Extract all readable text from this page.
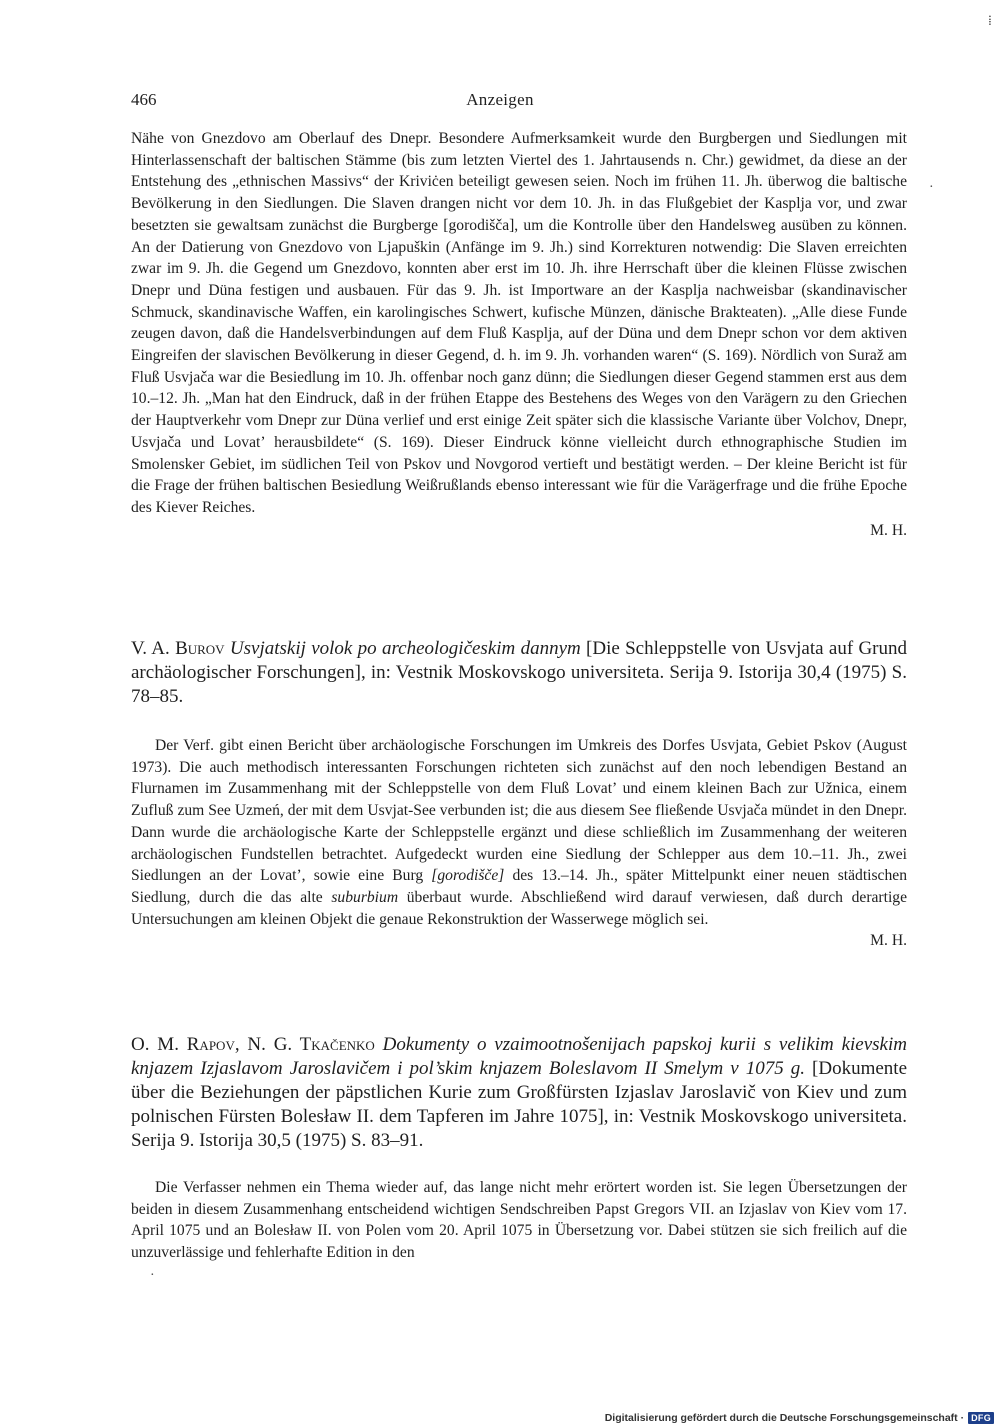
466	Anzeigen
⁞
·
·

Nähe von Gnezdovo am Oberlauf des Dnepr. Besondere Aufmerksamkeit wurde den Burgbergen und Siedlungen mit Hinterlassenschaft der baltischen Stämme (bis zum letzten Viertel des 1. Jahrtausends n. Chr.) gewidmet, da diese an der Entstehung des „ethnischen Massivs“ der Kriviċen beteiligt gewesen seien. Noch im frühen 11. Jh. überwog die baltische Bevölkerung in den Siedlungen. Die Slaven drangen nicht vor dem 10. Jh. in das Flußgebiet der Kasplja vor, und zwar besetzten sie gewaltsam zunächst die Burgberge [gorodišča], um die Kontrolle über den Handelsweg ausüben zu können. An der Datierung von Gnezdovo von Ljapuškin (Anfänge im 9. Jh.) sind Korrekturen notwendig: Die Slaven erreichten zwar im 9. Jh. die Gegend um Gnezdovo, konnten aber erst im 10. Jh. ihre Herrschaft über die kleinen Flüsse zwischen Dnepr und Düna festigen und ausbauen. Für das 9. Jh. ist Importware an der Kasplja nachweisbar (skandinavischer Schmuck, skandinavische Waffen, ein karolingisches Schwert, kufische Münzen, dänische Brakteaten). „Alle diese Funde zeugen davon, daß die Handelsverbindungen auf dem Fluß Kasplja, auf der Düna und dem Dnepr schon vor dem aktiven Eingreifen der slavischen Bevölkerung in dieser Gegend, d. h. im 9. Jh. vorhanden waren“ (S. 169). Nördlich von Suraž am Fluß Usvjača war die Besiedlung im 10. Jh. offenbar noch ganz dünn; die Siedlungen dieser Gegend stammen erst aus dem 10.–12. Jh. „Man hat den Eindruck, daß in der frühen Etappe des Bestehens des Weges von den Varägern zu den Griechen der Hauptverkehr vom Dnepr zur Düna verlief und erst einige Zeit später sich die klassische Variante über Volchov, Dnepr, Usvjača und Lovat’ herausbildete“ (S. 169). Dieser Eindruck könne vielleicht durch ethnographische Studien im Smolensker Gebiet, im südlichen Teil von Pskov und Novgorod vertieft und bestätigt werden. – Der kleine Bericht ist für die Frage der frühen baltischen Besiedlung Weißrußlands ebenso interessant wie für die Varägerfrage und die frühe Epoche des Kiever Reiches.

M. H.

V. A. Burov Usvjatskij volok po archeologičeskim dannym [Die Schleppstelle von Usvjata auf Grund archäologischer Forschungen], in: Vestnik Moskovskogo universiteta. Serija 9. Istorija 30,4 (1975) S. 78–85.

Der Verf. gibt einen Bericht über archäologische Forschungen im Umkreis des Dorfes Usvjata, Gebiet Pskov (August 1973). Die auch methodisch interessanten Forschungen richteten sich zunächst auf den noch lebendigen Bestand an Flurnamen im Zusammenhang mit der Schleppstelle von dem Fluß Lovat’ und einem kleinen Bach zur Užnica, einem Zufluß zum See Uzmeń, der mit dem Usvjat-See verbunden ist; die aus diesem See fließende Usvjača mündet in den Dnepr. Dann wurde die archäologische Karte der Schleppstelle ergänzt und diese schließlich im Zusammenhang der weiteren archäologischen Fundstellen betrachtet. Aufgedeckt wurden eine Siedlung der Schlepper aus dem 10.–11. Jh., zwei Siedlungen an der Lovat’, sowie eine Burg [gorodišče] des 13.–14. Jh., später Mittelpunkt einer neuen städtischen Siedlung, durch die das alte suburbium überbaut wurde. Abschließend wird darauf verwiesen, daß durch derartige Untersuchungen am kleinen Objekt die genaue Rekonstruktion der Wasserwege möglich sei.

M. H.

O. M. Rapov, N. G. Tkačenko Dokumenty o vzaimootnošenijach papskoj kurii s velikim kievskim knjazem Izjaslavom Jaroslavičem i pol’skim knjazem Boleslavom II Smelym v 1075 g. [Dokumente über die Beziehungen der päpstlichen Kurie zum Großfürsten Izjaslav Jaroslavič von Kiev und zum polnischen Fürsten Bolesław II. dem Tapferen im Jahre 1075], in: Vestnik Moskovskogo universiteta. Serija 9. Istorija 30,5 (1975) S. 83–91.

Die Verfasser nehmen ein Thema wieder auf, das lange nicht mehr erörtert worden ist. Sie legen Übersetzungen der beiden in diesem Zusammenhang entscheidend wichtigen Sendschreiben Papst Gregors VII. an Izjaslav von Kiev vom 17. April 1075 und an Bolesław II. von Polen vom 20. April 1075 in Übersetzung vor. Dabei stützen sie sich freilich auf die unzuverlässige und fehlerhafte Edition in den

Digitalisierung gefördert durch die Deutsche Forschungsgemeinschaft · DFG
